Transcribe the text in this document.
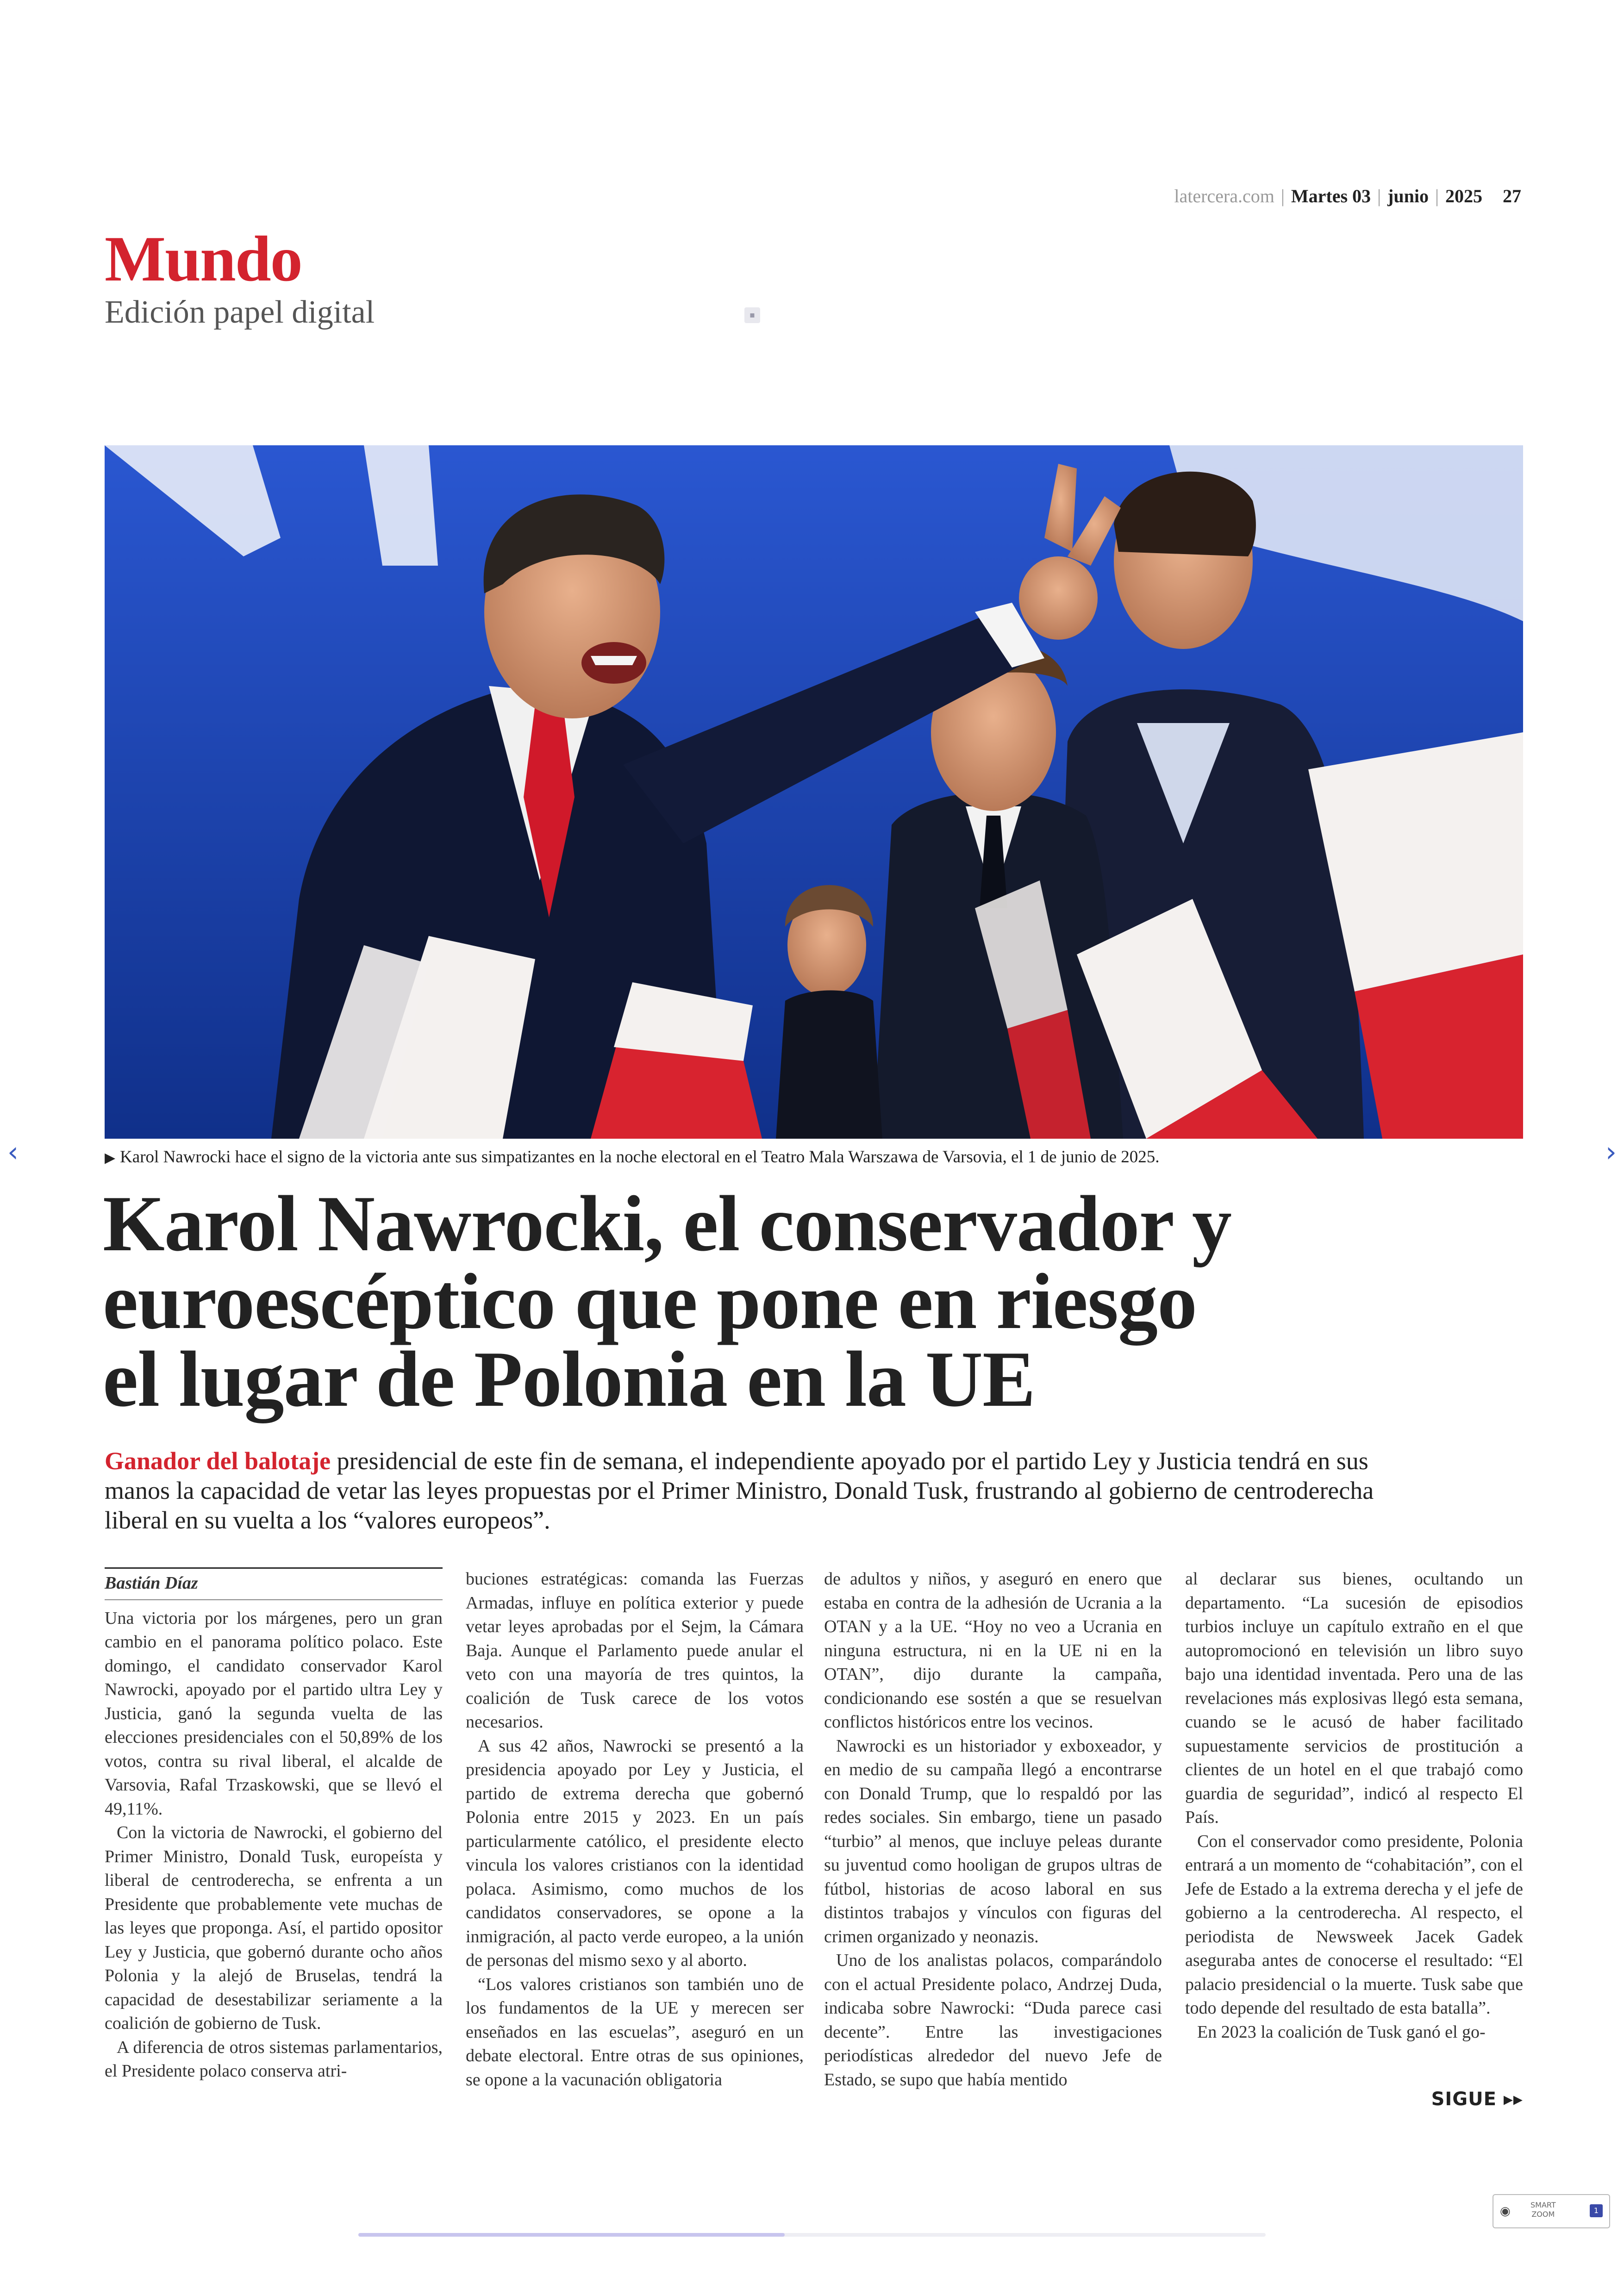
latercera.com | Martes 03 | junio | 2025 27
Mundo
Edición papel digital	▪
▶ Karol Nawrocki hace el signo de la victoria ante sus simpatizantes en la noche electoral en el Teatro Mala Warszawa de Varsovia, el 1 de junio de 2025.
‹	›
Karol Nawrocki, el conservador y
euroescéptico que pone en riesgo
el lugar de Polonia en la UE
Ganador del balotaje presidencial de este fin de semana, el independiente apoyado por el partido Ley y Justicia tendrá en sus manos la capacidad de vetar las leyes propuestas por el Primer Ministro, Donald Tusk, frustrando al gobierno de centroderecha liberal en su vuelta a los “valores europeos”.
Bastián Díaz

Una victoria por los márgenes, pero un gran cambio en el panorama político polaco. Este domingo, el candidato conservador Karol Nawrocki, apoyado por el partido ultra Ley y Justicia, ganó la segunda vuelta de las elecciones presidenciales con el 50,89% de los votos, contra su rival liberal, el alcalde de Varsovia, Rafal Trzaskowski, que se llevó el 49,11%.

Con la victoria de Nawrocki, el gobierno del Primer Ministro, Donald Tusk, europeísta y liberal de centroderecha, se enfrenta a un Presidente que probablemente vete muchas de las leyes que proponga. Así, el partido opositor Ley y Justicia, que gobernó durante ocho años Polonia y la alejó de Bruselas, tendrá la capacidad de desestabilizar seriamente a la coalición de gobierno de Tusk.

A diferencia de otros sistemas parlamentarios, el Presidente polaco conserva atri-

buciones estratégicas: comanda las Fuerzas Armadas, influye en política exterior y puede vetar leyes aprobadas por el Sejm, la Cámara Baja. Aunque el Parlamento puede anular el veto con una mayoría de tres quintos, la coalición de Tusk carece de los votos necesarios.

A sus 42 años, Nawrocki se presentó a la presidencia apoyado por Ley y Justicia, el partido de extrema derecha que gobernó Polonia entre 2015 y 2023. En un país particularmente católico, el presidente electo vincula los valores cristianos con la identidad polaca. Asimismo, como muchos de los candidatos conservadores, se opone a la inmigración, al pacto verde europeo, a la unión de personas del mismo sexo y al aborto.

“Los valores cristianos son también uno de los fundamentos de la UE y merecen ser enseñados en las escuelas”, aseguró en un debate electoral. Entre otras de sus opiniones, se opone a la vacunación obligatoria

de adultos y niños, y aseguró en enero que estaba en contra de la adhesión de Ucrania a la OTAN y a la UE. “Hoy no veo a Ucrania en ninguna estructura, ni en la UE ni en la OTAN”, dijo durante la campaña, condicionando ese sostén a que se resuelvan conflictos históricos entre los vecinos.

Nawrocki es un historiador y exboxeador, y en medio de su campaña llegó a encontrarse con Donald Trump, que lo respaldó por las redes sociales. Sin embargo, tiene un pasado “turbio” al menos, que incluye peleas durante su juventud como hooligan de grupos ultras de fútbol, historias de acoso laboral en sus distintos trabajos y vínculos con figuras del crimen organizado y neonazis.

Uno de los analistas polacos, comparándolo con el actual Presidente polaco, Andrzej Duda, indicaba sobre Nawrocki: “Duda parece casi decente”. Entre las investigaciones periodísticas alrededor del nuevo Jefe de Estado, se supo que había mentido

al declarar sus bienes, ocultando un departamento. “La sucesión de episodios turbios incluye un capítulo extraño en el que autopromocionó en televisión un libro suyo bajo una identidad inventada. Pero una de las revelaciones más explosivas llegó esta semana, cuando se le acusó de haber facilitado supuestamente servicios de prostitución a clientes de un hotel en el que trabajó como guardia de seguridad”, indicó al respecto El País.

Con el conservador como presidente, Polonia entrará a un momento de “cohabitación”, con el Jefe de Estado a la extrema derecha y el jefe de gobierno a la centroderecha. Al respecto, el periodista de Newsweek Jacek Gadek aseguraba antes de conocerse el resultado: “El palacio presidencial o la muerte. Tusk sabe que todo depende del resultado de esta batalla”.

En 2023 la coalición de Tusk ganó el go-

SIGUE ▸▸
◉	SMART
ZOOM	1
